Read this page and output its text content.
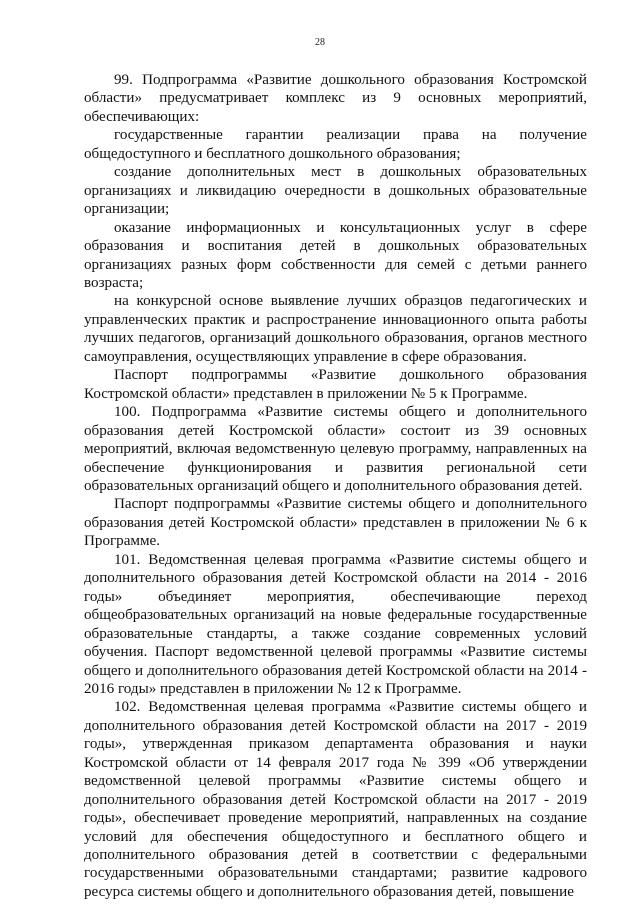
28

99. Подпрограмма «Развитие дошкольного образования Костромской области» предусматривает комплекс из 9 основных мероприятий, обеспечивающих:

государственные гарантии реализации права на получение общедоступного и бесплатного дошкольного образования;

создание дополнительных мест в дошкольных образовательных организациях и ликвидацию очередности в дошкольных образовательные организации;

оказание информационных и консультационных услуг в сфере образования и воспитания детей в дошкольных образовательных организациях разных форм собственности для семей с детьми раннего возраста;

на конкурсной основе выявление лучших образцов педагогических и управленческих практик и распространение инновационного опыта работы лучших педагогов, организаций дошкольного образования, органов местного самоуправления, осуществляющих управление в сфере образования.

Паспорт подпрограммы «Развитие дошкольного образования Костромской области» представлен в приложении № 5 к Программе.

100. Подпрограмма «Развитие системы общего и дополнительного образования детей Костромской области» состоит из 39 основных мероприятий, включая ведомственную целевую программу, направленных на обеспечение функционирования и развития региональной сети образовательных организаций общего и дополнительного образования детей.

Паспорт подпрограммы «Развитие системы общего и дополнительного образования детей Костромской области» представлен в приложении № 6 к Программе.

101. Ведомственная целевая программа «Развитие системы общего и дополнительного образования детей Костромской области на 2014 - 2016 годы» объединяет мероприятия, обеспечивающие переход общеобразовательных организаций на новые федеральные государственные образовательные стандарты, а также создание современных условий обучения. Паспорт ведомственной целевой программы «Развитие системы общего и дополнительного образования детей Костромской области на 2014 - 2016 годы» представлен в приложении № 12 к Программе.

102. Ведомственная целевая программа «Развитие системы общего и дополнительного образования детей Костромской области на 2017 - 2019 годы», утвержденная приказом департамента образования и науки Костромской области от 14 февраля 2017 года № 399 «Об утверждении ведомственной целевой программы «Развитие системы общего и дополнительного образования детей Костромской области на 2017 - 2019 годы», обеспечивает проведение мероприятий, направленных на создание условий для обеспечения общедоступного и бесплатного общего и дополнительного образования детей в соответствии с федеральными государственными образовательными стандартами; развитие кадрового ресурса системы общего и дополнительного образования детей, повышение
